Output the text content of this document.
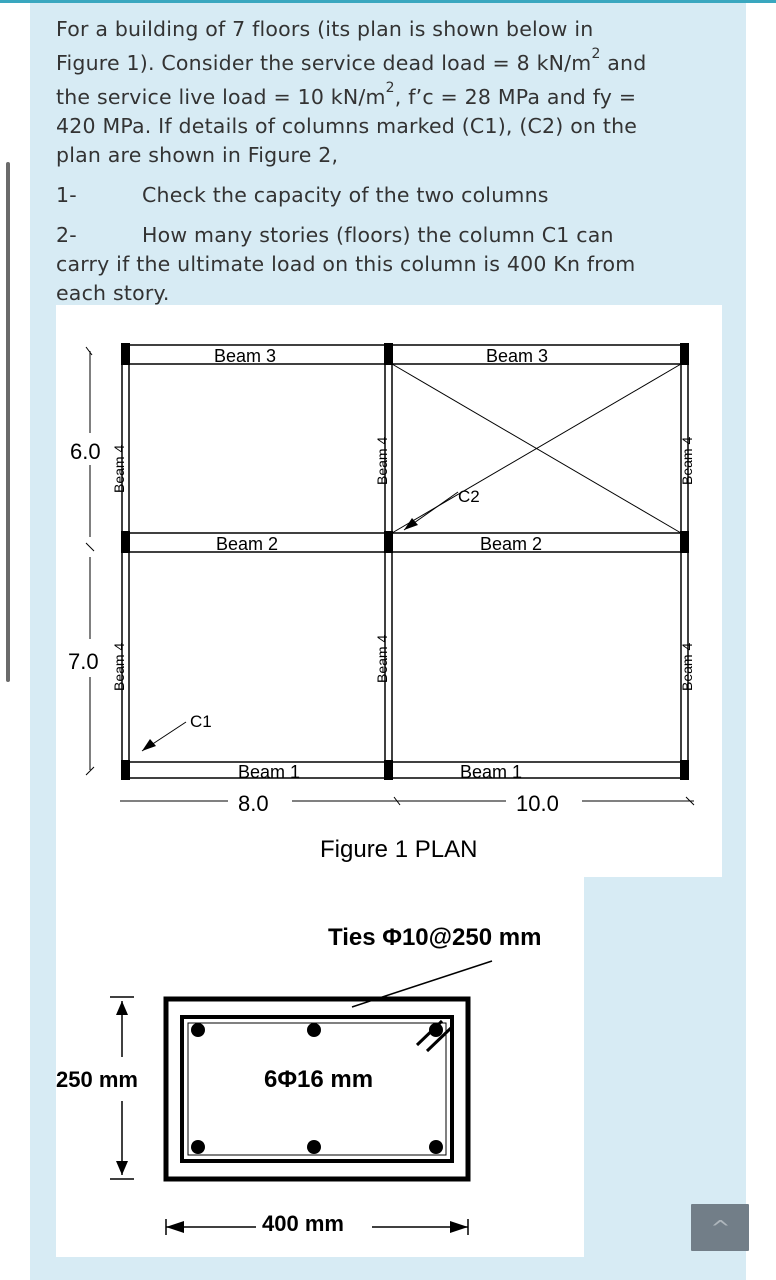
For a building of 7 floors (its plan is shown below in

Figure 1). Consider the service dead load = 8 $kN/m^2$ and

the service live load = 10 $kN/m^2$, f’c = 28 MPa and fy =

420 MPa. If details of columns marked (C1), (C2) on the

plan are shown in Figure 2,

1-	Check the capacity of the two columns

2-	How many stories (floors) the column C1 can

carry if the ultimate load on this column is 400 Kn from

each story.

Beam 3	Beam 3
Beam 2	Beam 2
Beam 1	Beam 1
6.0
7.0
8.0	10.0
C2
C1
Figure 1 PLAN
Beam 4	Beam 4	Beam 4
Beam 4	Beam 4	Beam 4
Ties Φ10@250 mm
6Φ16 mm
250 mm
400 mm	^
